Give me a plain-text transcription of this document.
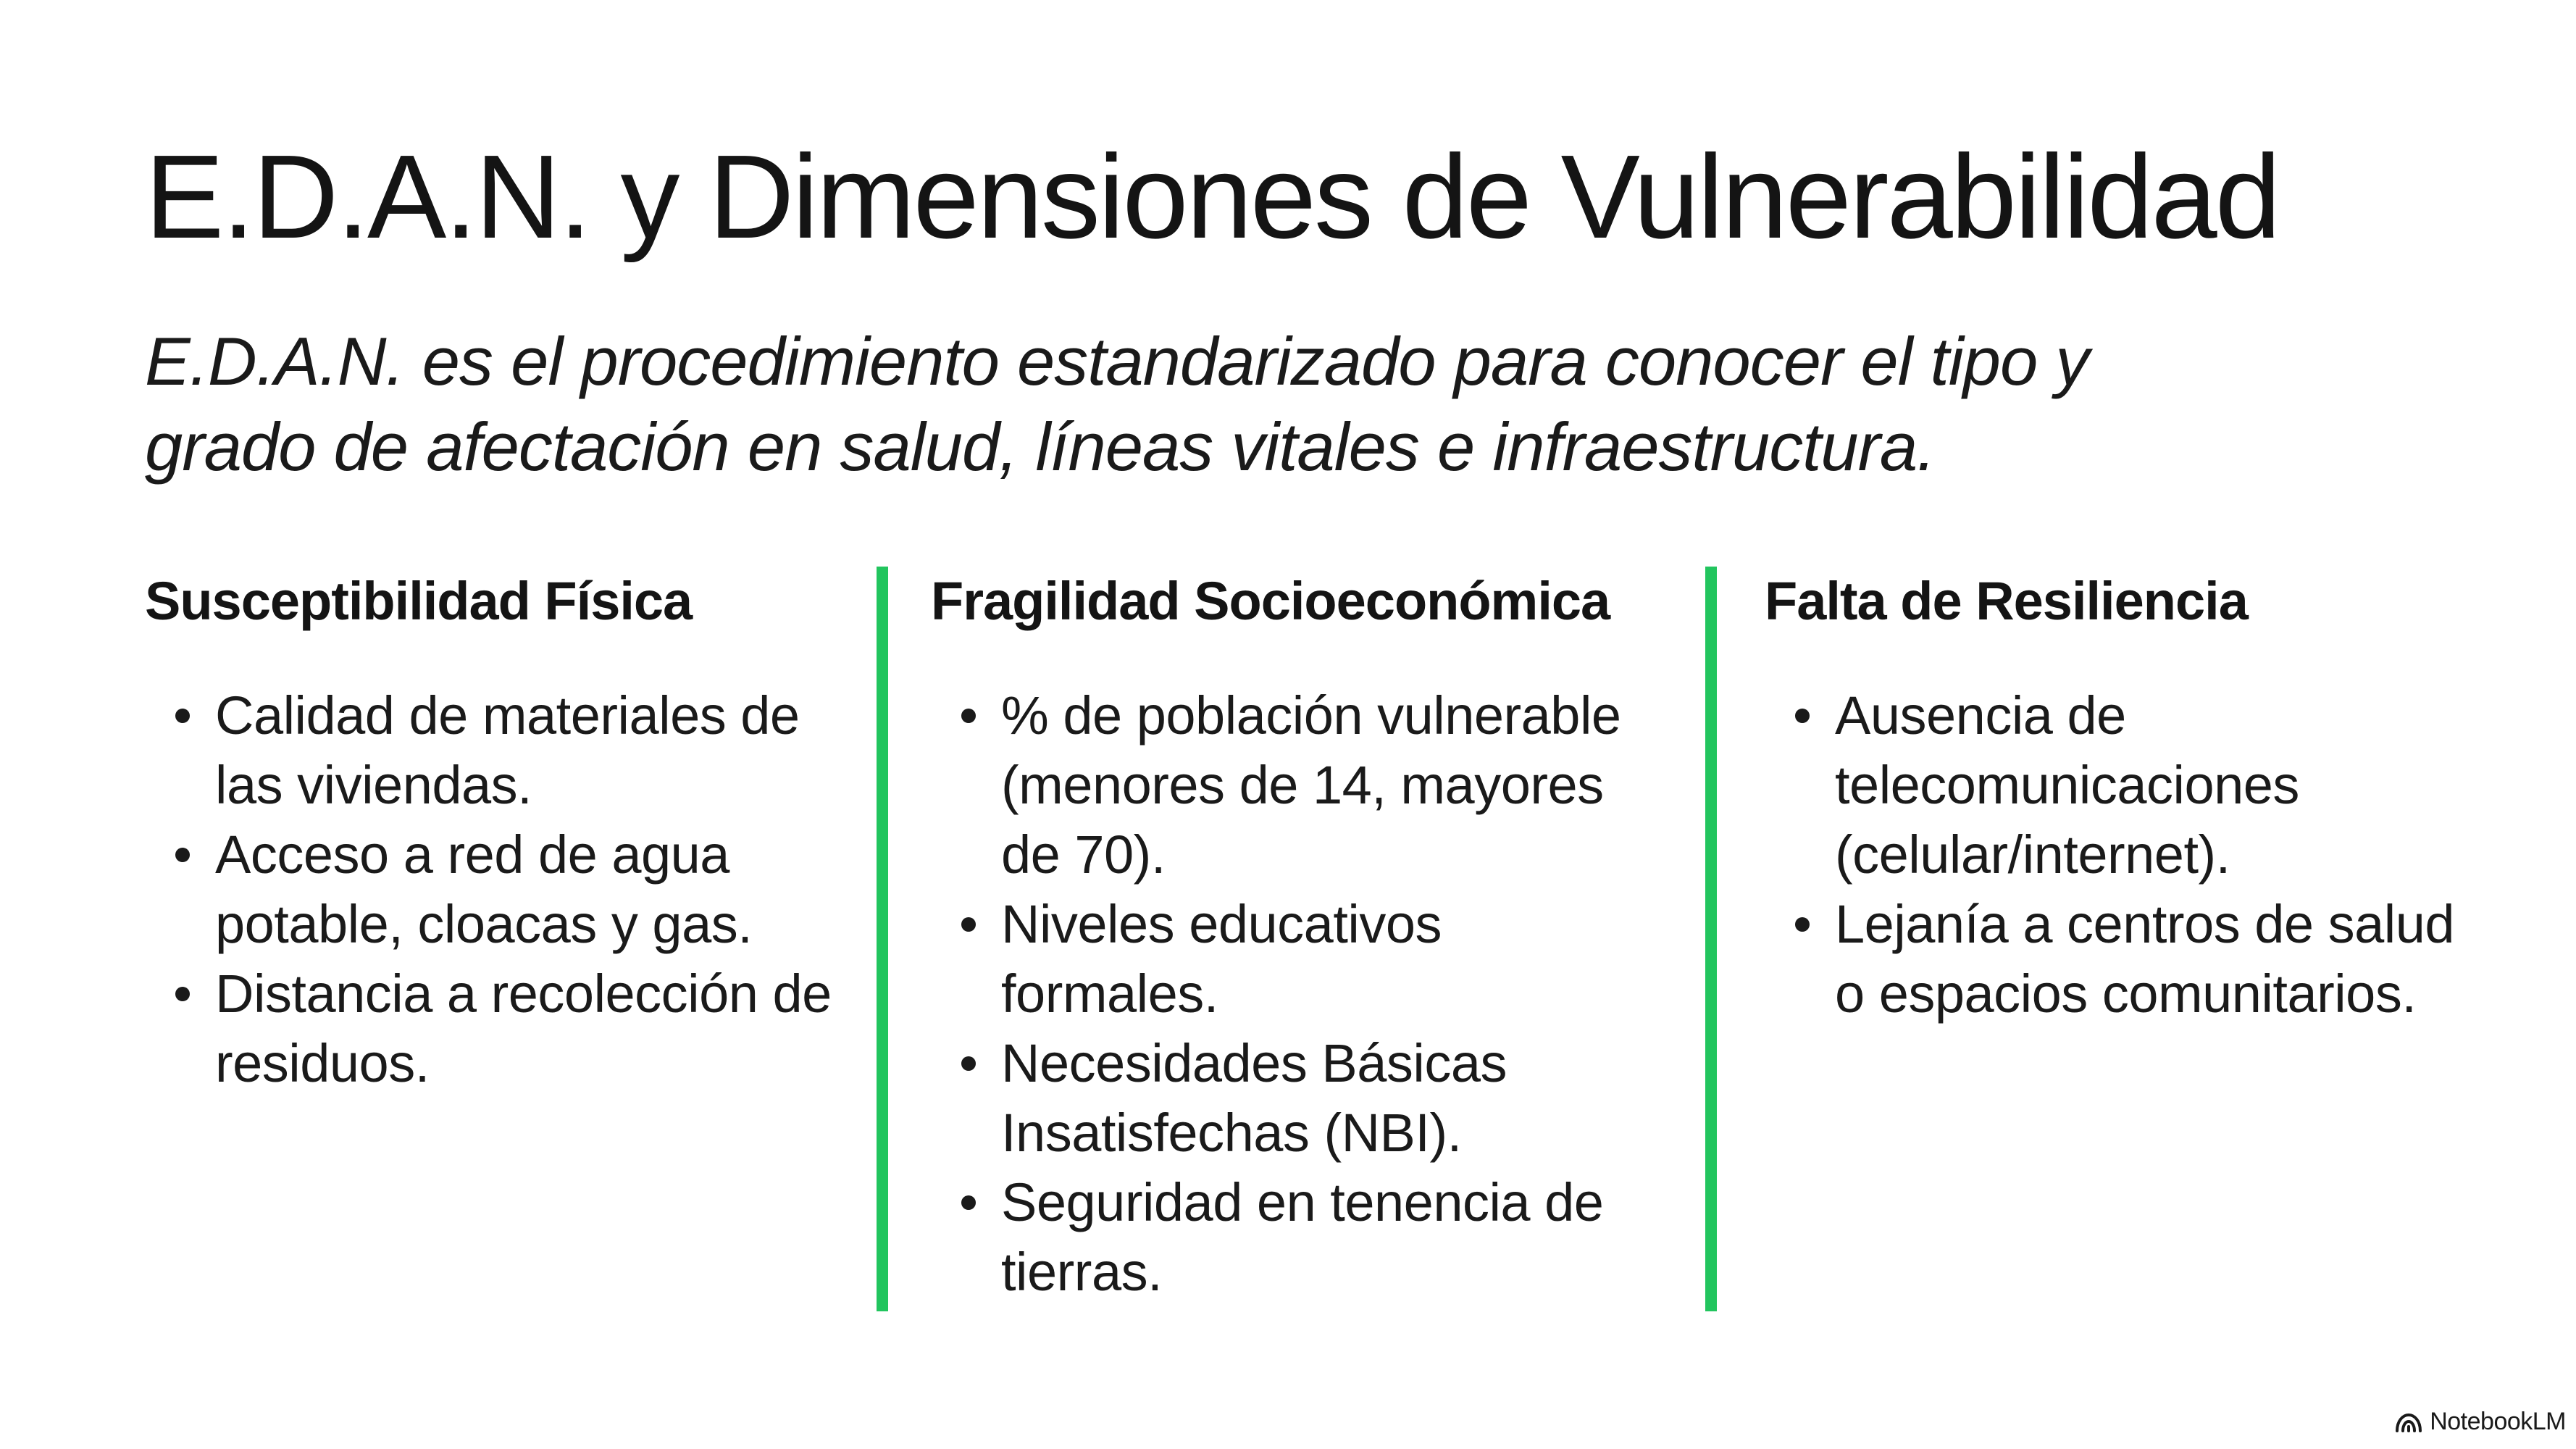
E.D.A.N. y Dimensiones de Vulnerabilidad

E.D.A.N. es el procedimiento estandarizado para conocer el tipo y
grado de afectación en salud, líneas vitales e infraestructura.

Susceptibilidad Física
Calidad de materiales de las viviendas.
Acceso a red de agua potable, cloacas y gas.
Distancia a recolección de residuos.
Fragilidad Socioeconómica
% de población vulnerable (menores de 14, mayores de 70).
Niveles educativos formales.
Necesidades Básicas Insatisfechas (NBI).
Seguridad en tenencia de tierras.
Falta de Resiliencia
Ausencia de telecomunicaciones (celular/internet).
Lejanía a centros de salud o espacios comunitarios.
NotebookLM
